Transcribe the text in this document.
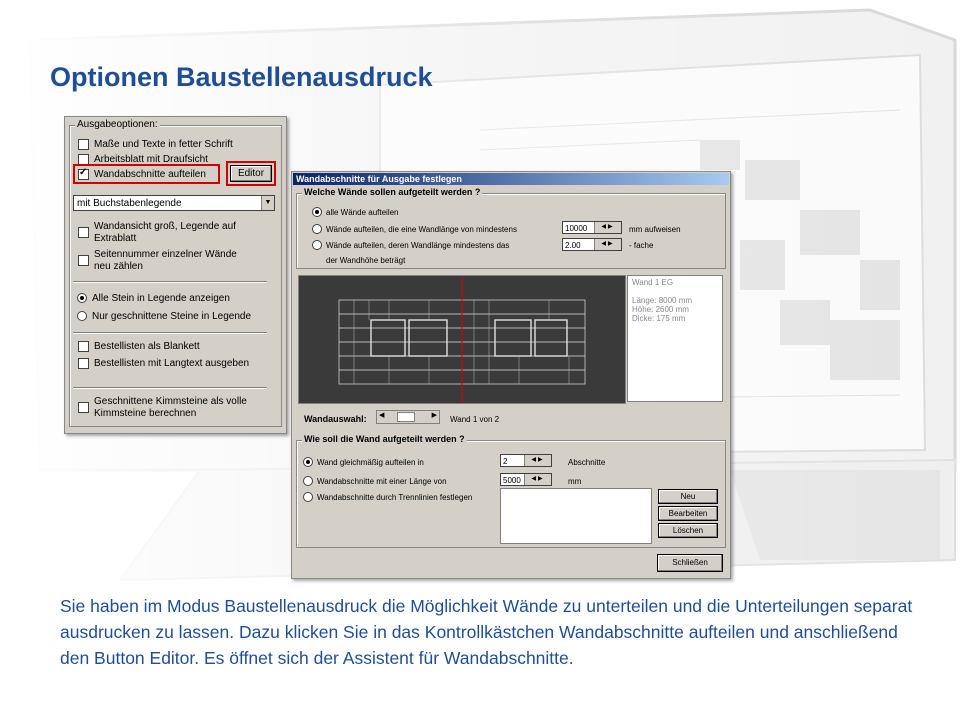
Optionen Baustellenausdruck
Ausgabeoptionen:
Maße und Texte in fetter Schrift
Arbeitsblatt mit Draufsicht
✓
Wandabschnitte aufteilen	Editor
mit Buchstabenlegende	▼
Wandansicht groß, Legende auf
Extrablatt
Seitennummer einzelner Wände
neu zählen
Alle Stein in Legende anzeigen
Nur geschnittene Steine in Legende
Bestellisten als Blankett
Bestellisten mit Langtext ausgeben
Geschnittene Kimmsteine als volle
Kimmsteine berechnen
Wandabschnitte für Ausgabe festlegen
Welche Wände sollen aufgeteilt werden ?
alle Wände aufteilen
Wände aufteilen, die eine Wandlänge von mindestens	10000	◀▶	mm aufweisen
Wände aufteilen, deren Wandlänge mindestens das
der Wandhöhe beträgt
2.00	◀▶	- fache
Wand 1 EG
Länge: 8000 mm
Höhe: 2600 mm
Dicke: 175 mm
Wandauswahl: ◀	▶ Wand 1 von 2
Wie soll die Wand aufgeteilt werden ?
Wand gleichmäßig aufteilen in	2	◀▶	Abschnitte
Wandabschnitte mit einer Länge von	5000	◀▶	mm
Wandabschnitte durch Trennlinien festlegen	Neu
Bearbeiten
Löschen
Schließen
Sie haben im Modus Baustellenausdruck die Möglichkeit Wände zu unterteilen und die Unterteilungen separat ausdrucken zu lassen. Dazu klicken Sie in das Kontrollkästchen Wandabschnitte aufteilen und anschließend den Button Editor. Es öffnet sich der Assistent für Wandabschnitte.
